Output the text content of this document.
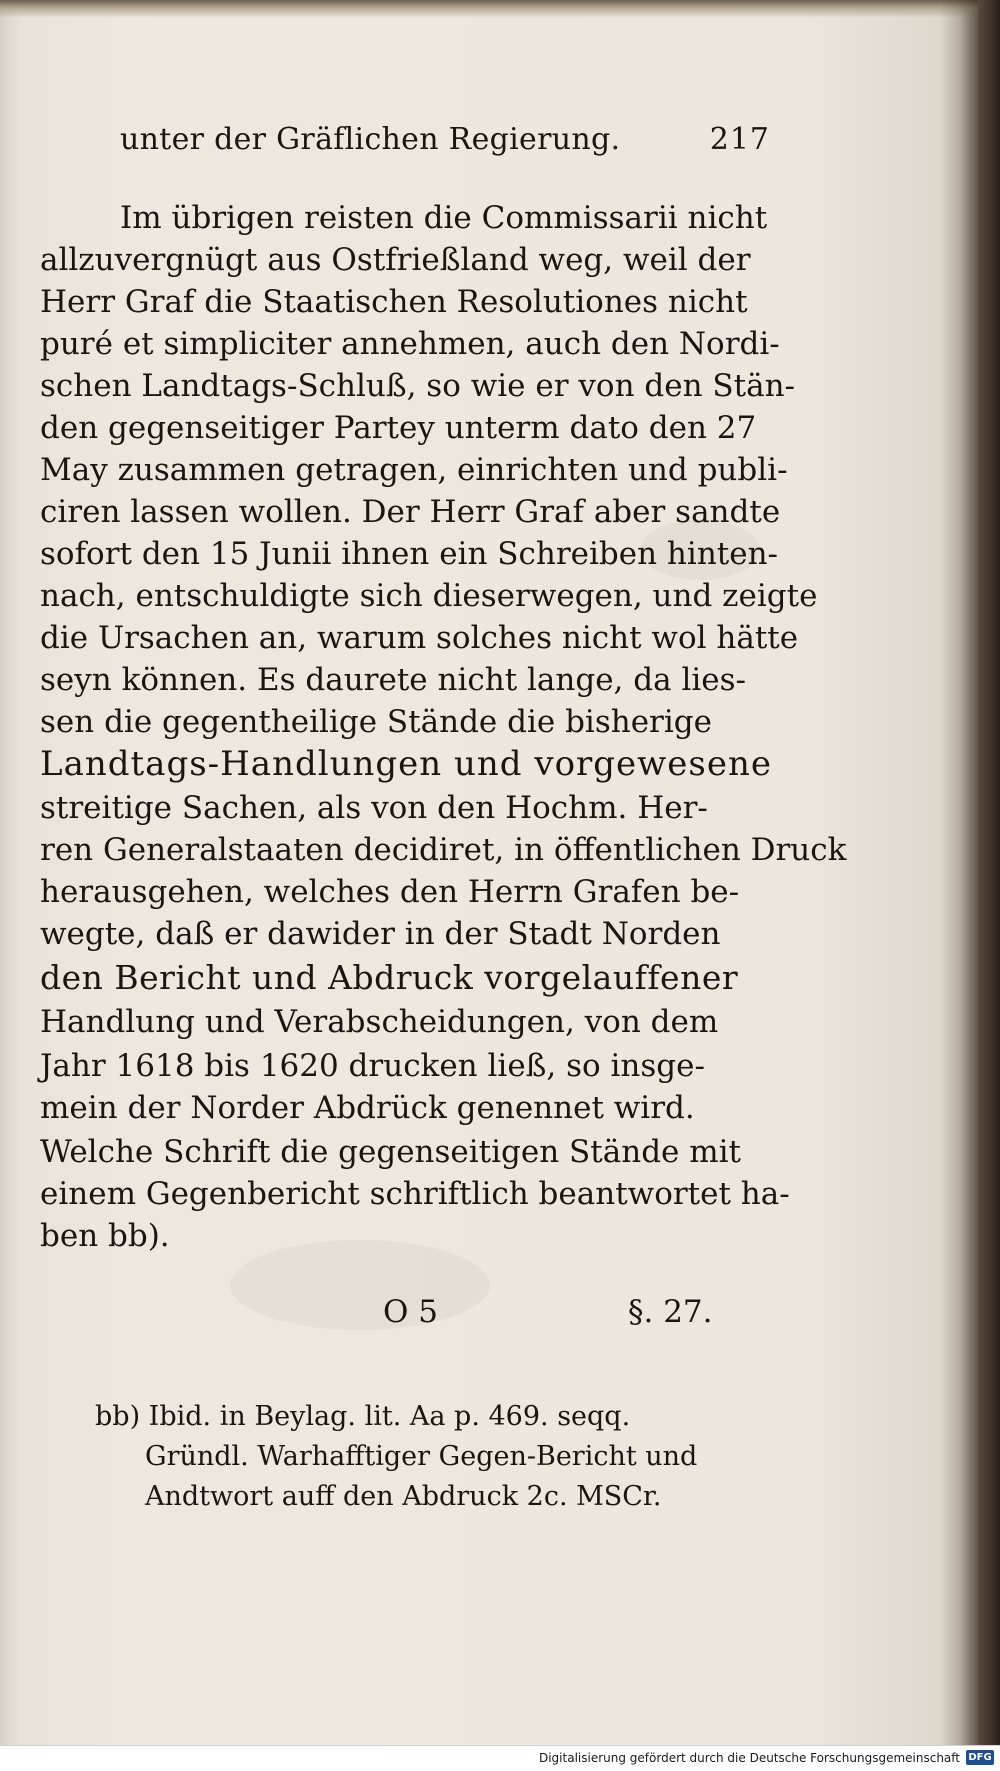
unter der Gräflichen Regierung.	217
Im übrigen reisten die Commissarii nicht
allzuvergnügt aus Ostfrießland weg, weil der
Herr Graf die Staatischen Resolutiones nicht
puré et simpliciter annehmen, auch den Nordi-
schen Landtags-Schluß, so wie er von den Stän-
den gegenseitiger Partey unterm dato den 27
May zusammen getragen, einrichten und publi-
ciren lassen wollen. Der Herr Graf aber sandte
sofort den 15 Junii ihnen ein Schreiben hinten-
nach, entschuldigte sich dieserwegen, und zeigte
die Ursachen an, warum solches nicht wol hätte
seyn können. Es daurete nicht lange, da lies-
sen die gegentheilige Stände die bisherige
Landtags-Handlungen und vorgewesene
streitige Sachen, als von den Hochm. Her-
ren Generalstaaten decidiret, in öffentlichen Druck
herausgehen, welches den Herrn Grafen be-
wegte, daß er dawider in der Stadt Norden
den Bericht und Abdruck vorgelauffener
Handlung und Verabscheidungen, von dem
Jahr 1618 bis 1620 drucken ließ, so insge-
mein der Norder Abdrück genennet wird.
Welche Schrift die gegenseitigen Stände mit
einem Gegenbericht schriftlich beantwortet ha-
ben bb).
O 5	§. 27.
bb) Ibid. in Beylag. lit. Aa p. 469. seqq.
Gründl. Warhafftiger Gegen-Bericht und
Andtwort auff den Abdruck 2c. MSCr.
Digitalisierung gefördert durch die Deutsche Forschungsgemeinschaft DFG
